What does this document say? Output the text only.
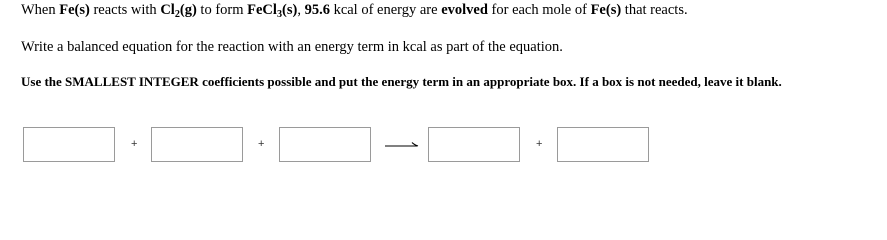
When Fe(s) reacts with $Cl_2(g)$ to form FeCl$_3$(s), 95.6 kcal of energy are evolved for each mole of Fe(s) that reacts.
Write a balanced equation for the reaction with an energy term in kcal as part of the equation.
Use the SMALLEST INTEGER coefficients possible and put the energy term in an appropriate box. If a box is not needed, leave it blank.
+	+	+
